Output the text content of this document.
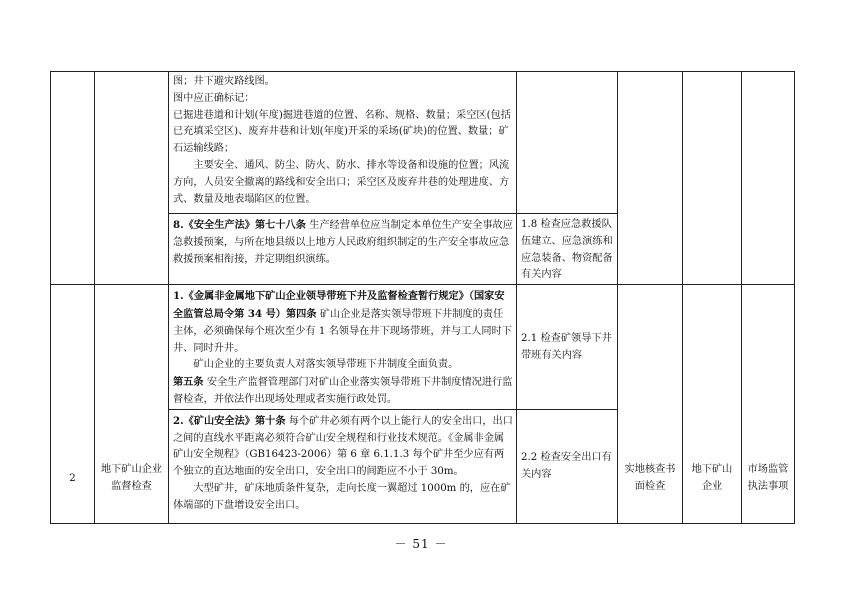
		图；井下避灾路线图。

图中应正确标记：

已掘进巷道和计划(年度)掘进巷道的位置、名称、规格、数量；采空区(包括已充填采空区)、废弃井巷和计划(年度)开采的采场(矿块)的位置、数量；矿石运输线路；

主要安全、通风、防尘、防火、防水、排水等设备和设施的位置；风流方向，人员安全撤离的路线和安全出口；采空区及废弃井巷的处理进度、方式、数量及地表塌陷区的位置。				

		8.《安全生产法》第七十八条 生产经营单位应当制定本单位生产安全事故应急救援预案，与所在地县级以上地方人民政府组织制定的生产安全事故应急救援预案相衔接，并定期组织演练。	1.8 检查应急救援队伍建立、应急演练和应急装备、物资配备有关内容			

2	地下矿山企业监督检查	1.《金属非金属地下矿山企业领导带班下井及监督检查暂行规定》（国家安全监管总局令第 34 号）第四条 矿山企业是落实领导带班下井制度的责任主体，必须确保每个班次至少有 1 名领导在井下现场带班，并与工人同时下井、同时升井。

矿山企业的主要负责人对落实领导带班下井制度全面负责。

第五条 安全生产监督管理部门对矿山企业落实领导带班下井制度情况进行监督检查，并依法作出现场处理或者实施行政处罚。	2.1 检查矿领导下井带班有关内容	实地核查书面检查	地下矿山企业	市场监管执法事项

		2.《矿山安全法》第十条 每个矿井必须有两个以上能行人的安全出口，出口之间的直线水平距离必须符合矿山安全规程和行业技术规范。《金属非金属矿山安全规程》（GB16423-2006）第 6 章 6.1.1.3 每个矿井至少应有两个独立的直达地面的安全出口，安全出口的间距应不小于 30m。

大型矿井，矿床地质条件复杂，走向长度一翼超过 1000m 的，应在矿体端部的下盘增设安全出口。	2.2 检查安全出口有关内容			
－ 51 －
